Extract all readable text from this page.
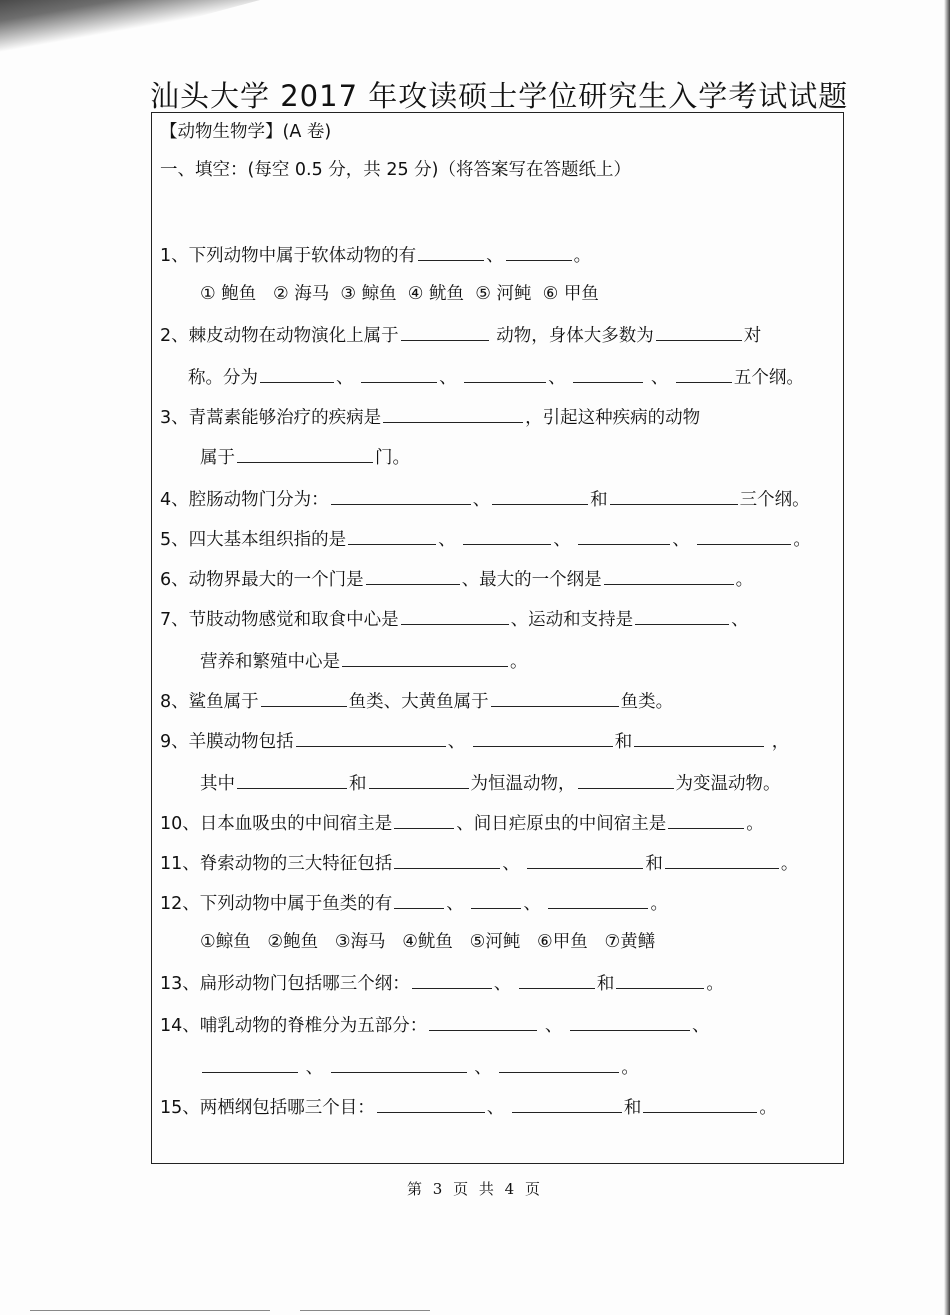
汕头大学 2017 年攻读硕士学位研究生入学考试试题
【动物生物学】(A 卷)
一、填空：(每空 0.5 分，共 25 分)（将答案写在答题纸上）
1、下列动物中属于软体动物的有	、	。
① 鲍鱼 ② 海马 ③ 鲸鱼 ④ 鱿鱼 ⑤ 河鲀 ⑥ 甲鱼
2、棘皮动物在动物演化上属于	动物，身体大多数为	对
称。分为	、	、	、	、	五个纲。
3、青蒿素能够治疗的疾病是	，引起这种疾病的动物
属于	门。
4、腔肠动物门分为：	、	和	三个纲。
5、四大基本组织指的是	、	、	、	。
6、动物界最大的一个门是	、最大的一个纲是	。
7、节肢动物感觉和取食中心是	、运动和支持是	、
营养和繁殖中心是	。
8、鲨鱼属于	鱼类、大黄鱼属于	鱼类。
9、羊膜动物包括	、	和	，
其中	和	为恒温动物，	为变温动物。
10、日本血吸虫的中间宿主是	、间日疟原虫的中间宿主是	。
11、脊索动物的三大特征包括	、	和	。
12、下列动物中属于鱼类的有	、	、	。
①鲸鱼 ②鲍鱼 ③海马 ④鱿鱼 ⑤河鲀 ⑥甲鱼 ⑦黄鳝
13、扁形动物门包括哪三个纲：	、	和	。
14、哺乳动物的脊椎分为五部分：	、	、
、	、	。
15、两栖纲包括哪三个目：	、	和	。
第 3 页 共 4 页
